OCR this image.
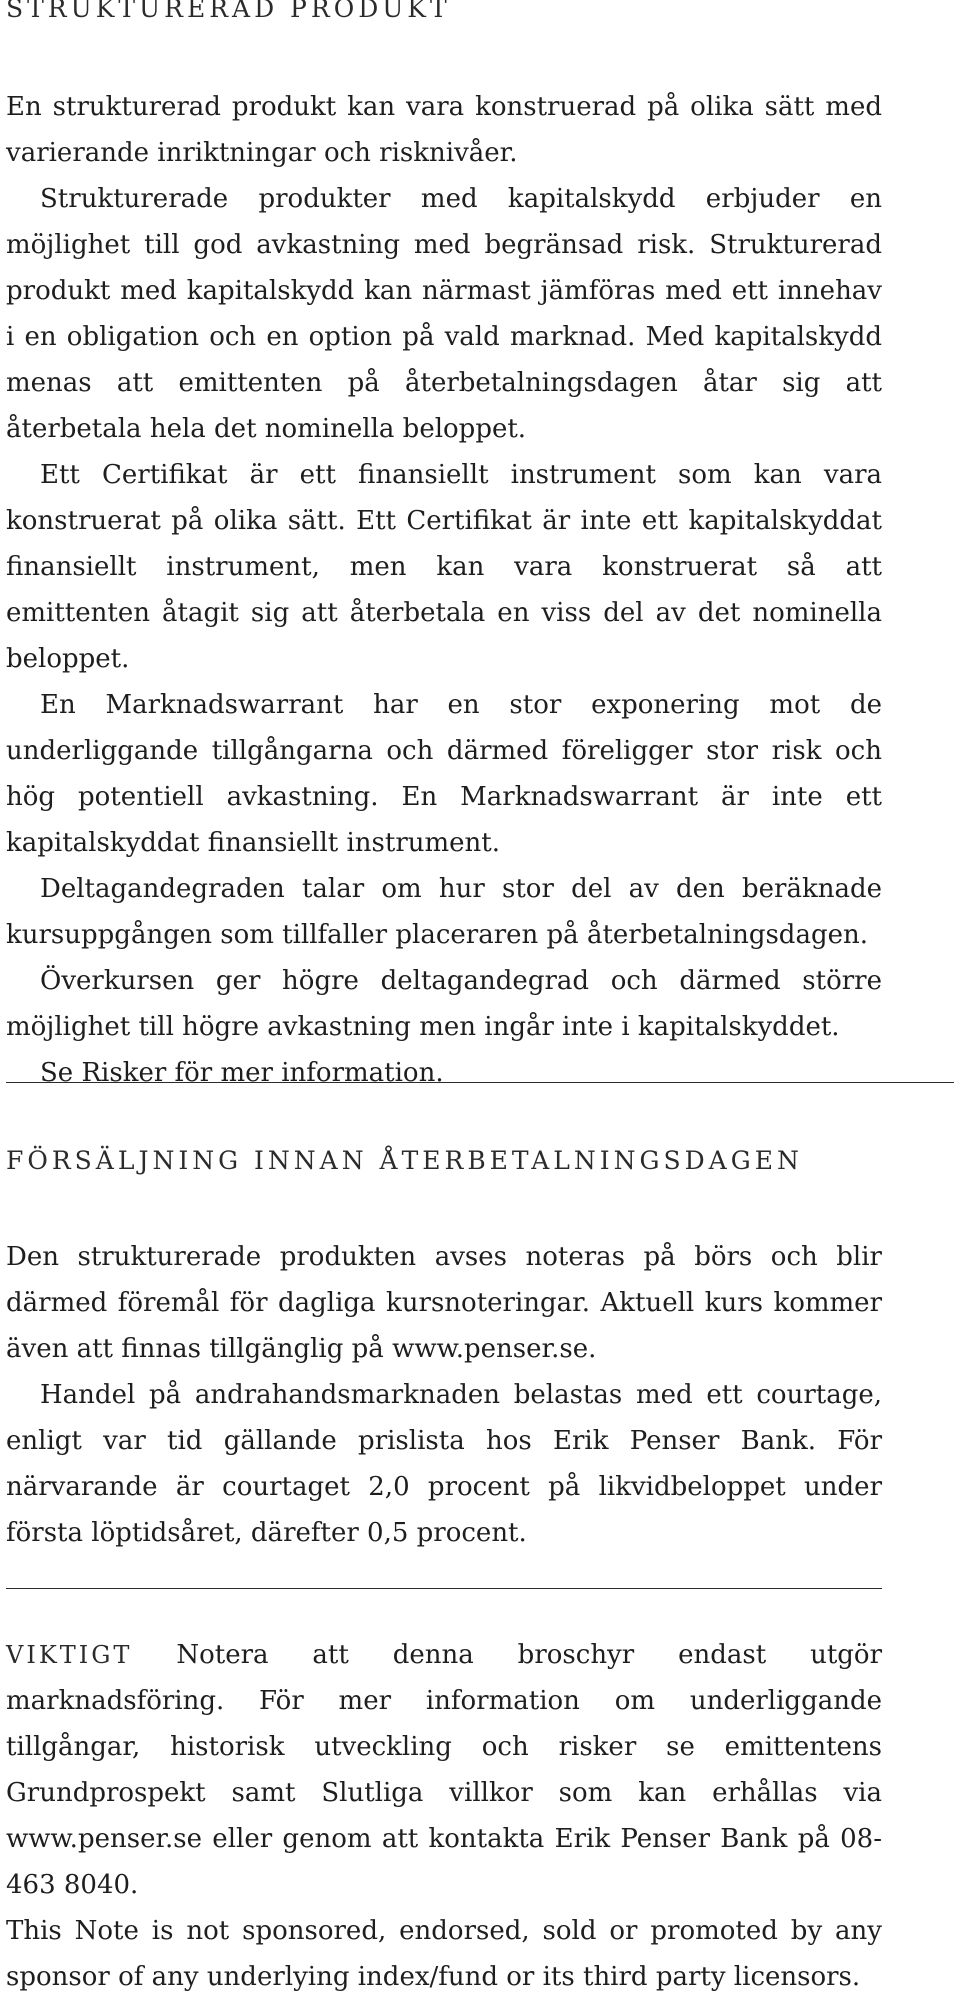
STRUKTURERAD PRODUKT

En strukturerad produkt kan vara konstruerad på olika sätt med varierande inriktningar och risknivåer.

Strukturerade produkter med kapitalskydd erbjuder en möjlighet till god avkastning med begränsad risk. Strukturerad produkt med kapitalskydd kan närmast jämföras med ett innehav i en obligation och en option på vald marknad. Med kapitalskydd menas att emittenten på återbetalningsdagen åtar sig att återbetala hela det nominella beloppet.

Ett Certifikat är ett finansiellt instrument som kan vara konstruerat på olika sätt. Ett Certifikat är inte ett kapitalskyddat finansiellt instrument, men kan vara konstruerat så att emittenten åtagit sig att återbetala en viss del av det nominella beloppet.

En Marknadswarrant har en stor exponering mot de underliggande tillgångarna och därmed föreligger stor risk och hög potentiell avkastning. En Marknadswarrant är inte ett kapitalskyddat finansiellt instrument.

Deltagandegraden talar om hur stor del av den beräknade kursuppgången som tillfaller placeraren på återbetalningsdagen.

Överkursen ger högre deltagandegrad och därmed större möjlighet till högre avkastning men ingår inte i kapitalskyddet.

Se Risker för mer information.

FÖRSÄLJNING INNAN ÅTERBETALNINGSDAGEN

Den strukturerade produkten avses noteras på börs och blir därmed föremål för dagliga kursnoteringar. Aktuell kurs kommer även att finnas tillgänglig på www.penser.se.

Handel på andrahandsmarknaden belastas med ett courtage, enligt var tid gällande prislista hos Erik Penser Bank. För närvarande är courtaget 2,0 procent på likvidbeloppet under första löptidsåret, därefter 0,5 procent.

VIKTIGT Notera att denna broschyr endast utgör marknadsföring. För mer information om underliggande tillgångar, historisk utveckling och risker se emittentens Grundprospekt samt Slutliga villkor som kan erhållas via www.penser.se eller genom att kontakta Erik Penser Bank på 08-463 8040.

This Note is not sponsored, endorsed, sold or promoted by any sponsor of any underlying index/fund or its third party licensors.
